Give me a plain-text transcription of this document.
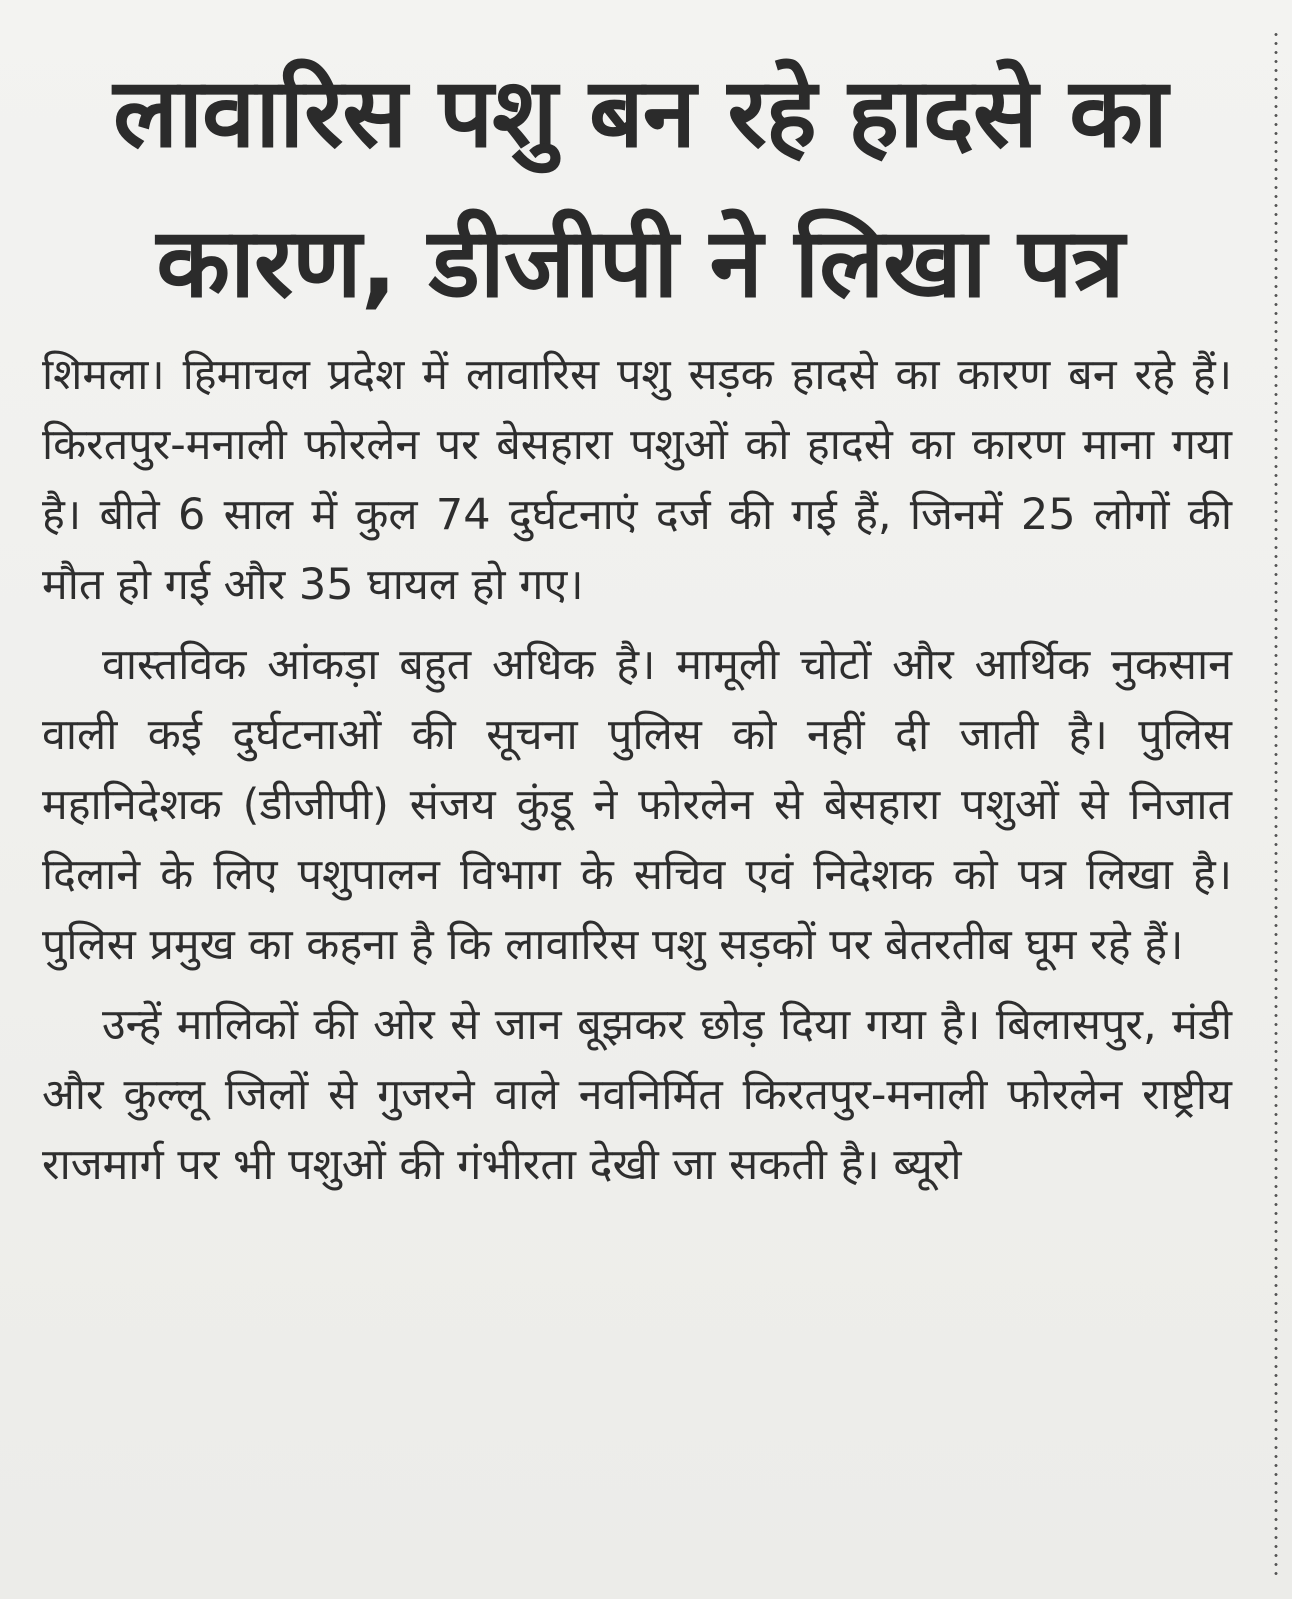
लावारिस पशु बन रहे हादसे का
कारण, डीजीपी ने लिखा पत्र

शिमला। हिमाचल प्रदेश में लावारिस पशु सड़क हादसे का कारण बन रहे हैं। किरतपुर-मनाली फोरलेन पर बेसहारा पशुओं को हादसे का कारण माना गया है। बीते 6 साल में कुल 74 दुर्घटनाएं दर्ज की गई हैं, जिनमें 25 लोगों की मौत हो गई और 35 घायल हो गए।

वास्तविक आंकड़ा बहुत अधिक है। मामूली चोटों और आर्थिक नुकसान वाली कई दुर्घटनाओं की सूचना पुलिस को नहीं दी जाती है। पुलिस महानिदेशक (डीजीपी) संजय कुंडू ने फोरलेन से बेसहारा पशुओं से निजात दिलाने के लिए पशुपालन विभाग के सचिव एवं निदेशक को पत्र लिखा है। पुलिस प्रमुख का कहना है कि लावारिस पशु सड़कों पर बेतरतीब घूम रहे हैं।

उन्हें मालिकों की ओर से जान बूझकर छोड़ दिया गया है। बिलासपुर, मंडी और कुल्लू जिलों से गुजरने वाले नवनिर्मित किरतपुर-मनाली फोरलेन राष्ट्रीय राजमार्ग पर भी पशुओं की गंभीरता देखी जा सकती है। ब्यूरो
